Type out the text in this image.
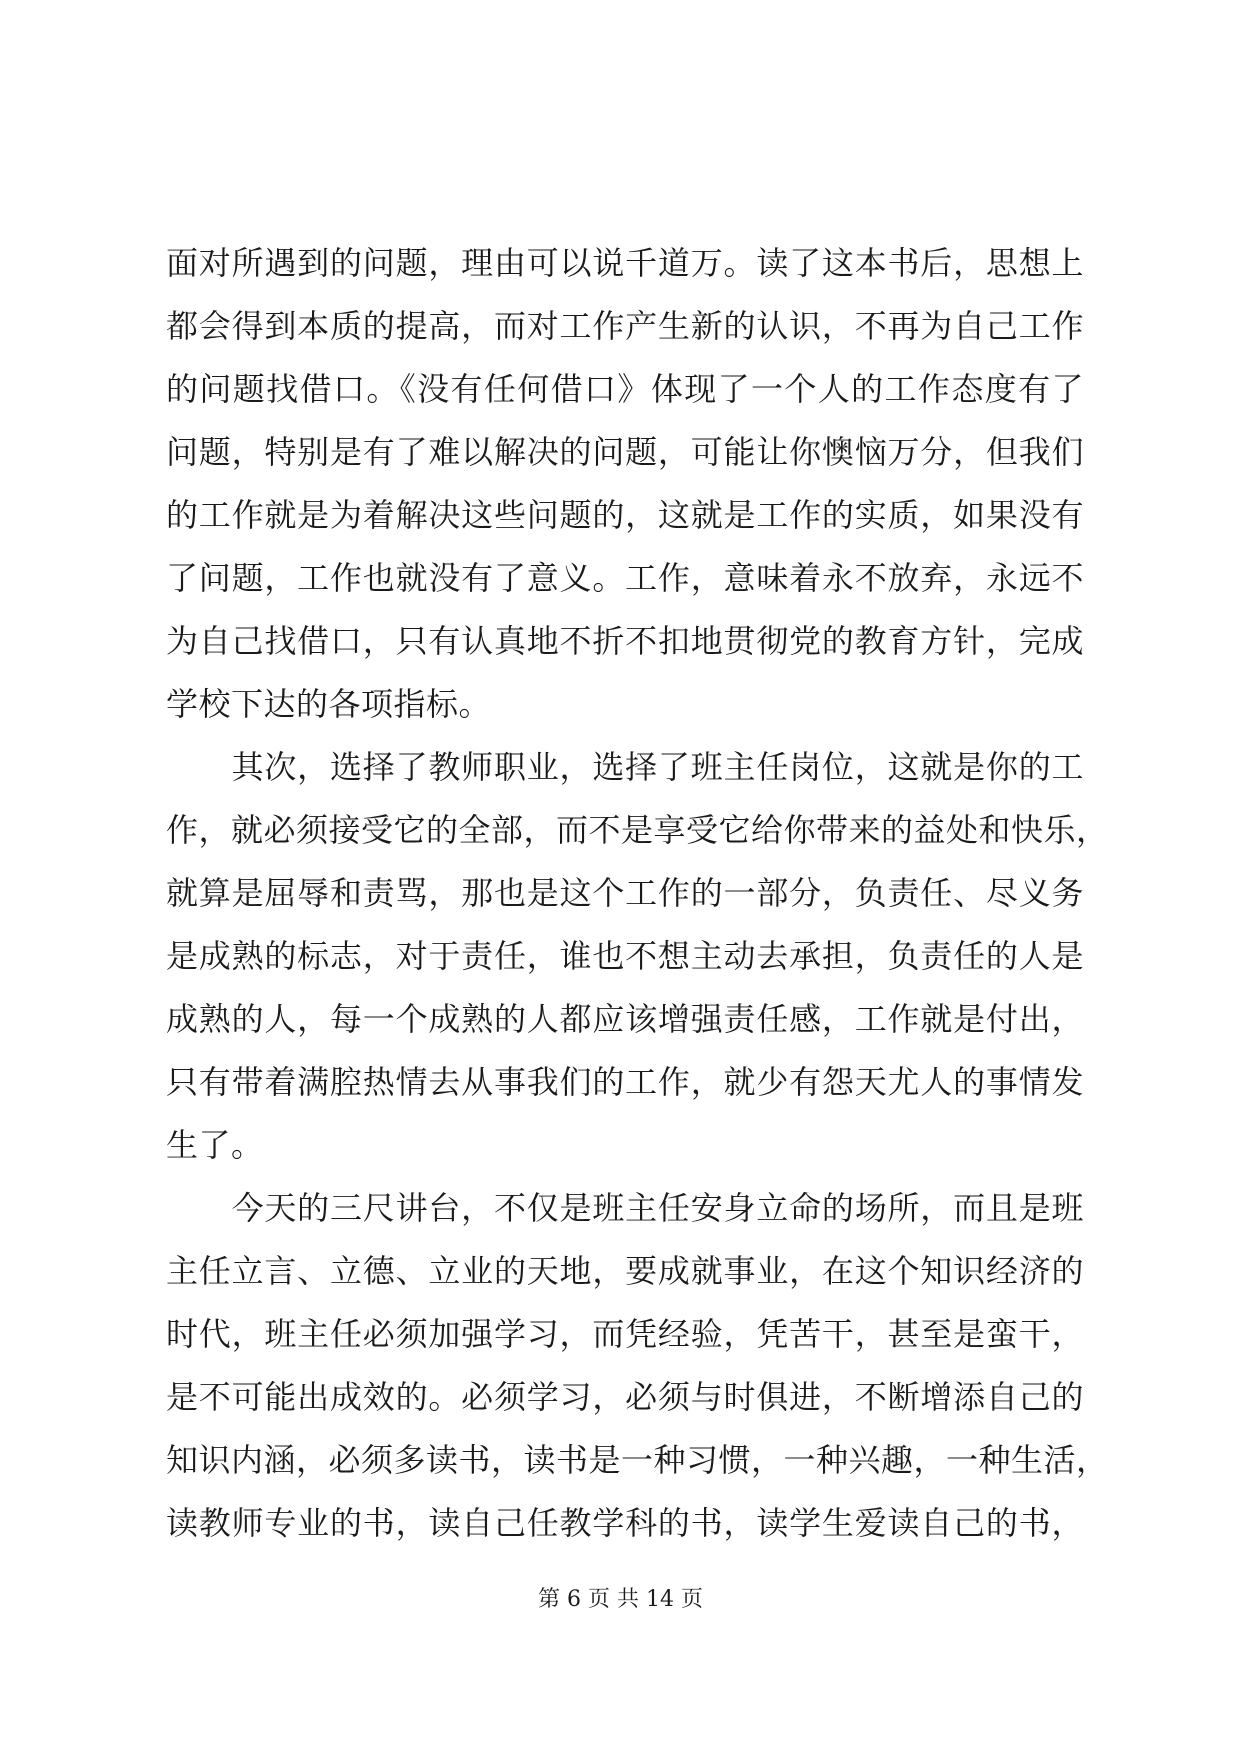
面对所遇到的问题，理由可以说千道万。读了这本书后，思想上
都会得到本质的提高，而对工作产生新的认识，不再为自己工作
的问题找借口。《没有任何借口》体现了一个人的工作态度有了
问题，特别是有了难以解决的问题，可能让你懊恼万分，但我们
的工作就是为着解决这些问题的，这就是工作的实质，如果没有
了问题，工作也就没有了意义。工作，意味着永不放弃，永远不
为自己找借口，只有认真地不折不扣地贯彻党的教育方针，完成
学校下达的各项指标。

　　其次，选择了教师职业，选择了班主任岗位，这就是你的工
作，就必须接受它的全部，而不是享受它给你带来的益处和快乐，
就算是屈辱和责骂，那也是这个工作的一部分，负责任、尽义务
是成熟的标志，对于责任，谁也不想主动去承担，负责任的人是
成熟的人，每一个成熟的人都应该增强责任感，工作就是付出，
只有带着满腔热情去从事我们的工作，就少有怨天尤人的事情发
生了。

　　今天的三尺讲台，不仅是班主任安身立命的场所，而且是班
主任立言、立德、立业的天地，要成就事业，在这个知识经济的
时代，班主任必须加强学习，而凭经验，凭苦干，甚至是蛮干，
是不可能出成效的。必须学习，必须与时俱进，不断增添自己的
知识内涵，必须多读书，读书是一种习惯，一种兴趣，一种生活，
读教师专业的书，读自己任教学科的书，读学生爱读自己的书，

第 6 页 共 14 页
